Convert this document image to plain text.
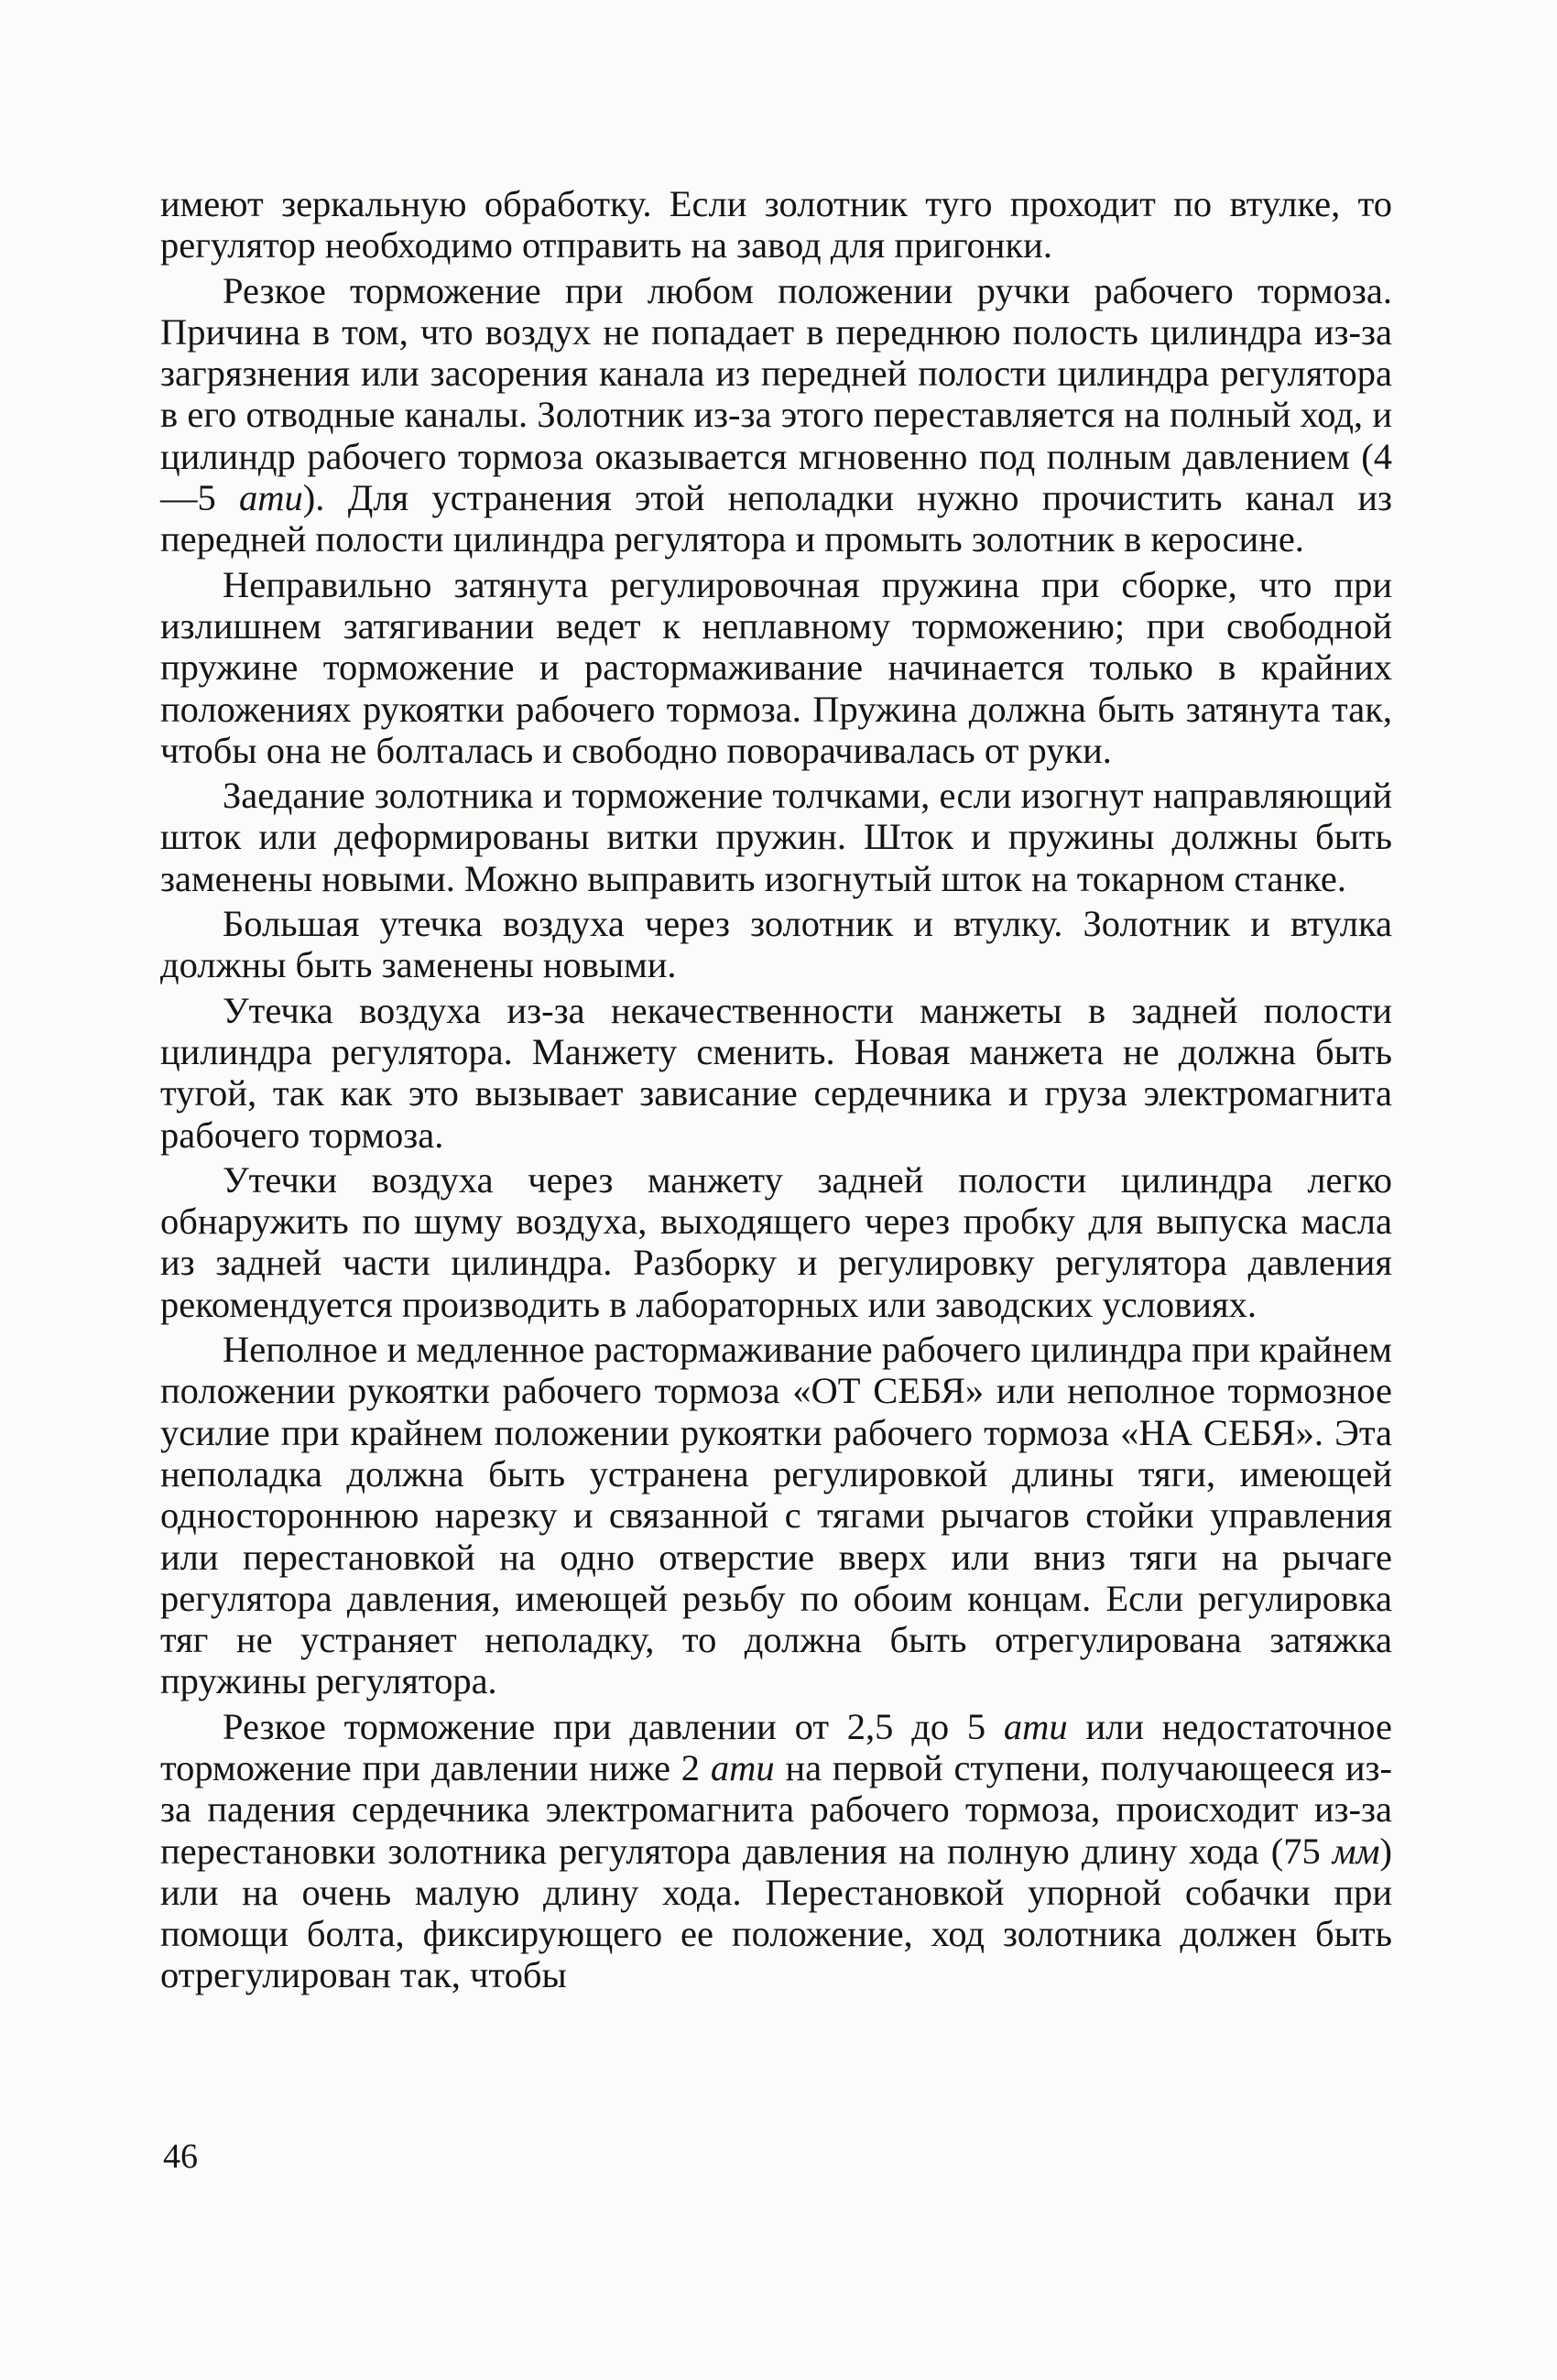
имеют зеркальную обработку. Если золотник туго проходит по втулке, то регулятор необходимо отправить на завод для пригонки.

Резкое торможение при любом положении ручки рабочего тормоза. Причина в том, что воздух не попадает в переднюю полость цилиндра из-за загрязнения или засорения канала из передней полости цилиндра регулятора в его отводные каналы. Золотник из-за этого переставляется на полный ход, и цилиндр рабочего тормоза оказывается мгновенно под полным давлением (4—5 ати). Для устранения этой неполадки нужно прочистить канал из передней полости цилиндра регулятора и промыть золотник в керосине.

Неправильно затянута регулировочная пружина при сборке, что при излишнем затягивании ведет к неплавному торможению; при свободной пружине торможение и растормаживание начинается только в крайних положениях рукоятки рабочего тормоза. Пружина должна быть затянута так, чтобы она не болталась и свободно поворачивалась от руки.

Заедание золотника и торможение толчками, если изогнут направляющий шток или деформированы витки пружин. Шток и пружины должны быть заменены новыми. Можно выправить изогнутый шток на токарном станке.

Большая утечка воздуха через золотник и втулку. Золотник и втулка должны быть заменены новыми.

Утечка воздуха из-за некачественности манжеты в задней полости цилиндра регулятора. Манжету сменить. Новая манжета не должна быть тугой, так как это вызывает зависание сердечника и груза электромагнита рабочего тормоза.

Утечки воздуха через манжету задней полости цилиндра легко обнаружить по шуму воздуха, выходящего через пробку для выпуска масла из задней части цилиндра. Разборку и регулировку регулятора давления рекомендуется производить в лабораторных или заводских условиях.

Неполное и медленное растормаживание рабочего цилиндра при крайнем положении рукоятки рабочего тормоза «ОТ СЕБЯ» или неполное тормозное усилие при крайнем положении рукоятки рабочего тормоза «НА СЕБЯ». Эта неполадка должна быть устранена регулировкой длины тяги, имеющей одностороннюю нарезку и связанной с тягами рычагов стойки управления или перестановкой на одно отверстие вверх или вниз тяги на рычаге регулятора давления, имеющей резьбу по обоим концам. Если регулировка тяг не устраняет неполадку, то должна быть отрегулирована затяжка пружины регулятора.

Резкое торможение при давлении от 2,5 до 5 ати или недостаточное торможение при давлении ниже 2 ати на первой ступени, получающееся из-за падения сердечника электромагнита рабочего тормоза, происходит из-за перестановки золотника регулятора давления на полную длину хода (75 мм) или на очень малую длину хода. Перестановкой упорной собачки при помощи болта, фиксирующего ее положение, ход золотника должен быть отрегулирован так, чтобы

46
